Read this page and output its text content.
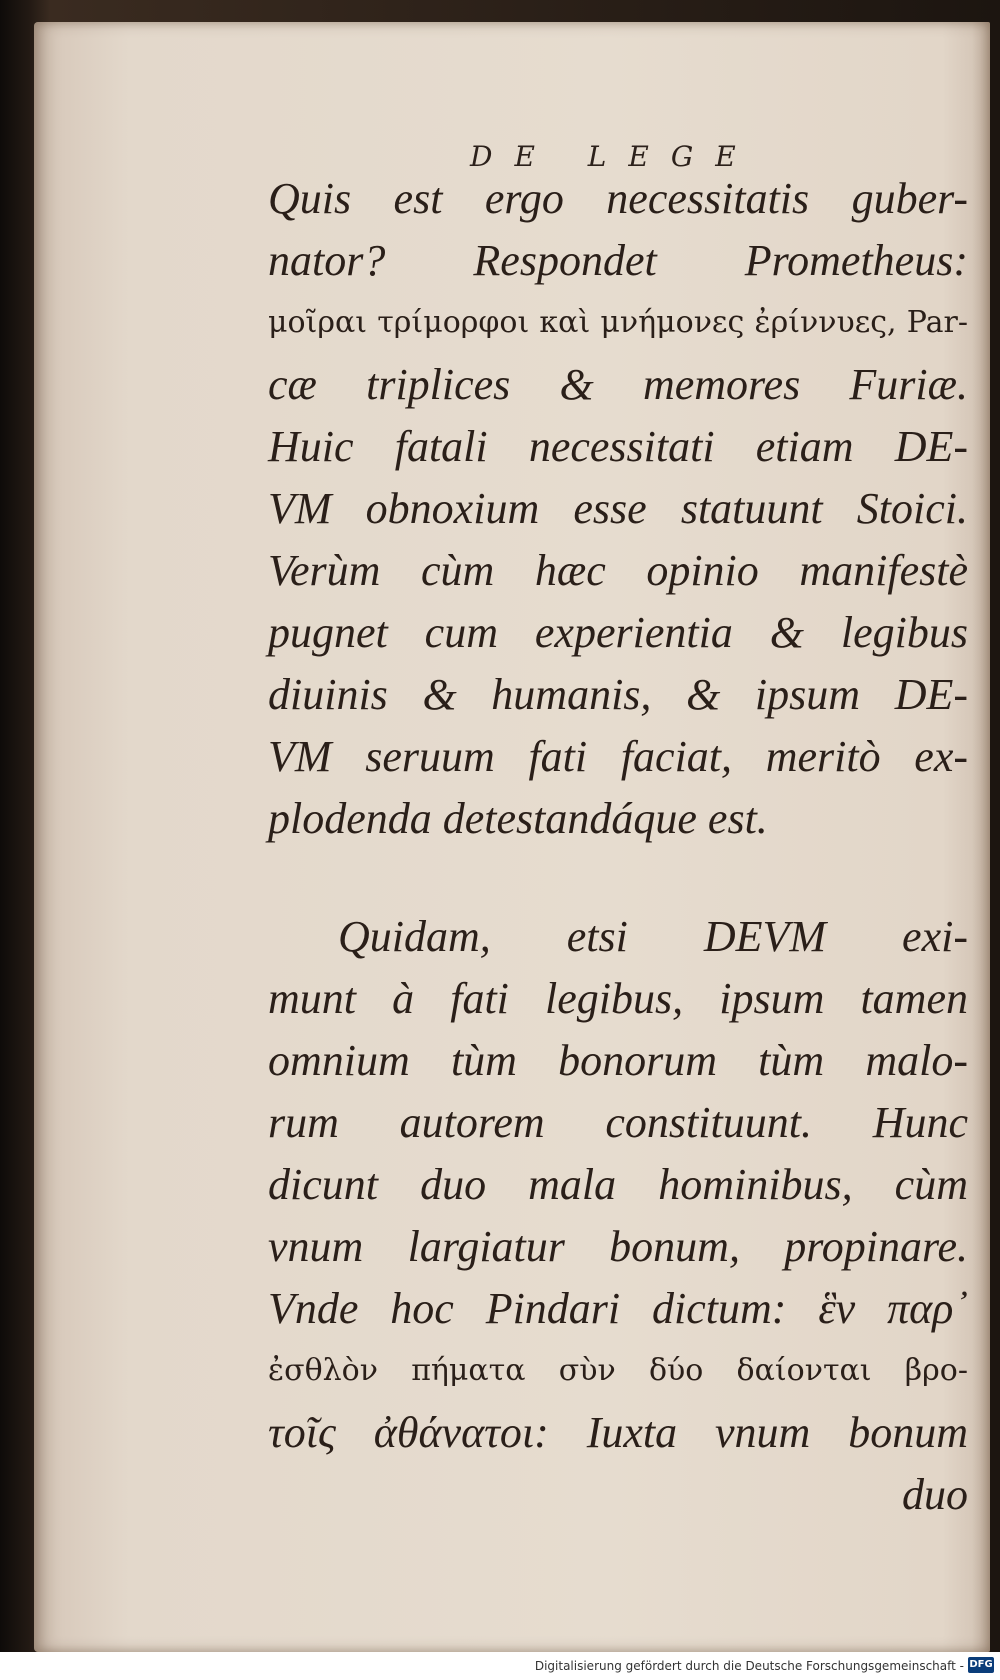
DE LEGE
Quis est ergo necessitatis guber-
nator? Respondet Prometheus:
μοῖραι τρίμορφοι καὶ μνήμονες ἐρίννυες, Par-
cæ triplices & memores Furiæ.
Huic fatali necessitati etiam DE-
VM obnoxium esse statuunt Stoici.
Verùm cùm hæc opinio manifestè
pugnet cum experientia & legibus
diuinis & humanis, & ipsum DE-
VM seruum fati faciat, meritò ex-
plodenda detestandáque est.
Quidam, etsi DEVM exi-
munt à fati legibus, ipsum tamen
omnium tùm bonorum tùm malo-
rum autorem constituunt. Hunc
dicunt duo mala hominibus, cùm
vnum largiatur bonum, propinare.
Vnde hoc Pindari dictum: ἓν παρ᾽
ἐσθλὸν πήματα σὺν δύο δαίονται βρο-
τοῖς ἀθάνατοι: Iuxta vnum bonum
duo
Digitalisierung gefördert durch die Deutsche Forschungsgemeinschaft - DFG
